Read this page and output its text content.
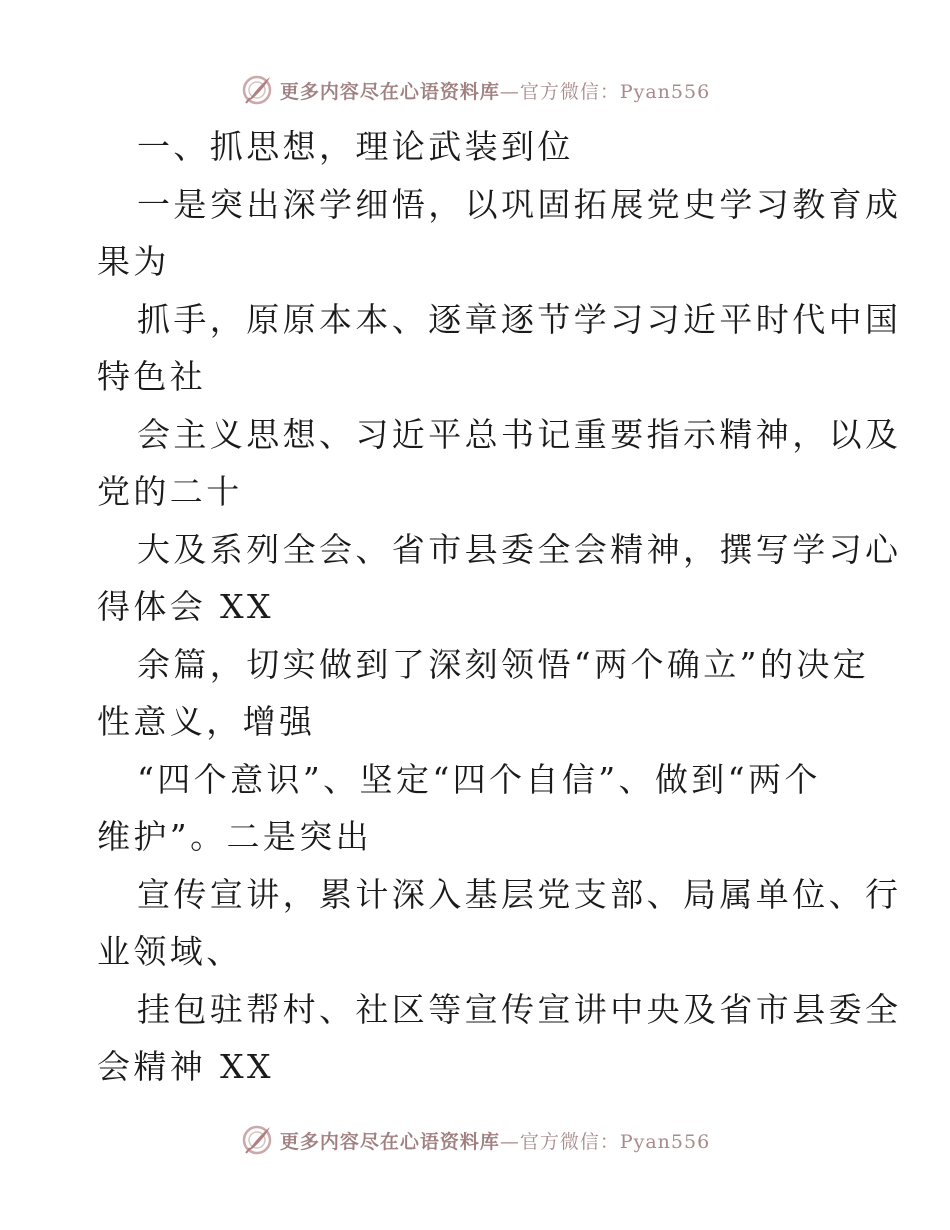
更多内容尽在心语资料库—官方微信：Pyan556
一、抓思想，理论武装到位
一是突出深学细悟，以巩固拓展党史学习教育成
果为
抓手，原原本本、逐章逐节学习习近平时代中国
特色社
会主义思想、习近平总书记重要指示精神，以及
党的二十
大及系列全会、省市县委全会精神，撰写学习心
得体会 XX
余篇，切实做到了深刻领悟“两个确立”的决定
性意义，增强
“四个意识”、坚定“四个自信”、做到“两个
维护”。二是突出
宣传宣讲，累计深入基层党支部、局属单位、行
业领域、
挂包驻帮村、社区等宣传宣讲中央及省市县委全
会精神 XX
更多内容尽在心语资料库—官方微信：Pyan556
